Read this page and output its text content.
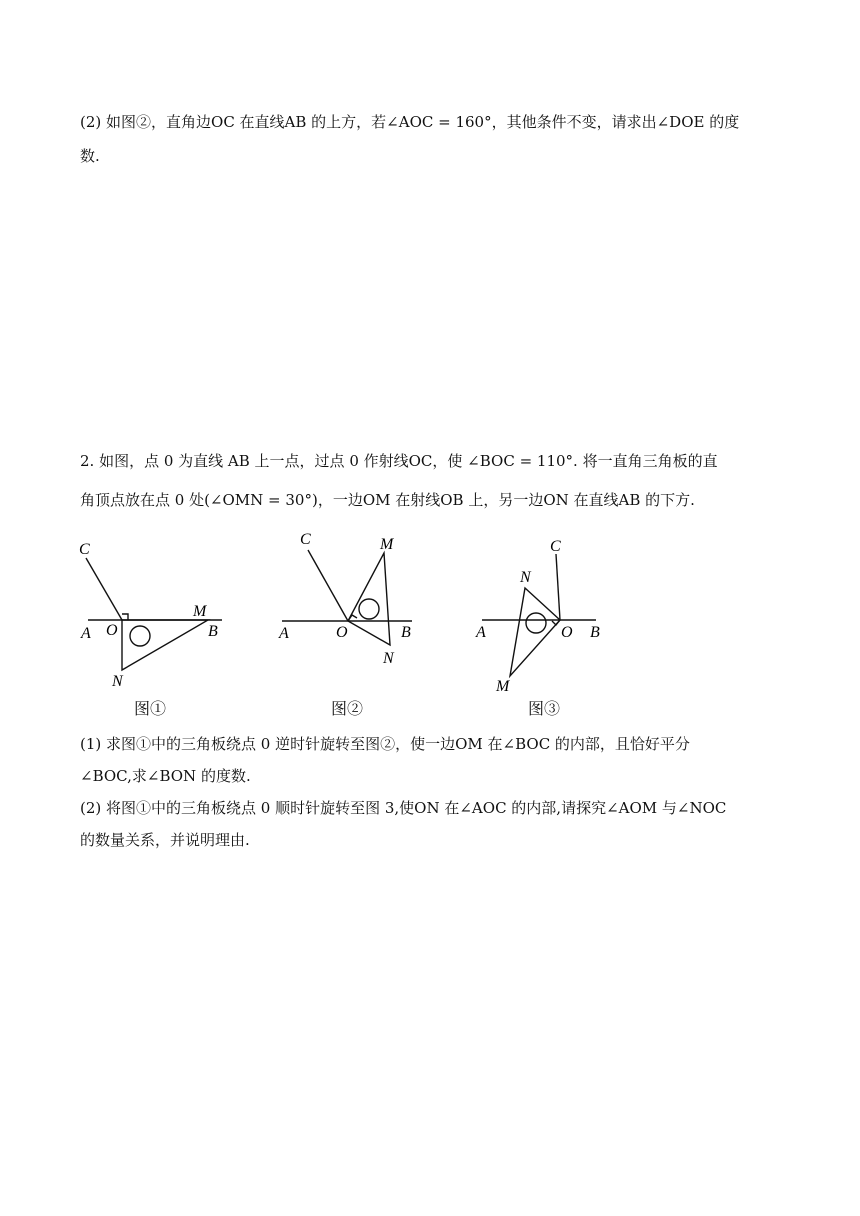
(2) 如图②，直角边OC 在直线AB 的上方，若∠AOC = 160°，其他条件不变，请求出∠DOE 的度
数.
2. 如图，点 0 为直线 AB 上一点，过点 0 作射线OC，使 ∠BOC = 110°. 将一直角三角板的直
角顶点放在点 0 处(∠OMN = 30°)，一边OM 在射线OB 上，另一边ON 在直线AB 的下方.
C
A O
M
B
N
C	M
A	O	B
N
C
N
A	O B
M
图①	图②	图③
(1) 求图①中的三角板绕点 0 逆时针旋转至图②，使一边OM 在∠BOC 的内部，且恰好平分
∠BOC,求∠BON 的度数.
(2) 将图①中的三角板绕点 0 顺时针旋转至图 3,使ON 在∠AOC 的内部,请探究∠AOM 与∠NOC
的数量关系，并说明理由.
